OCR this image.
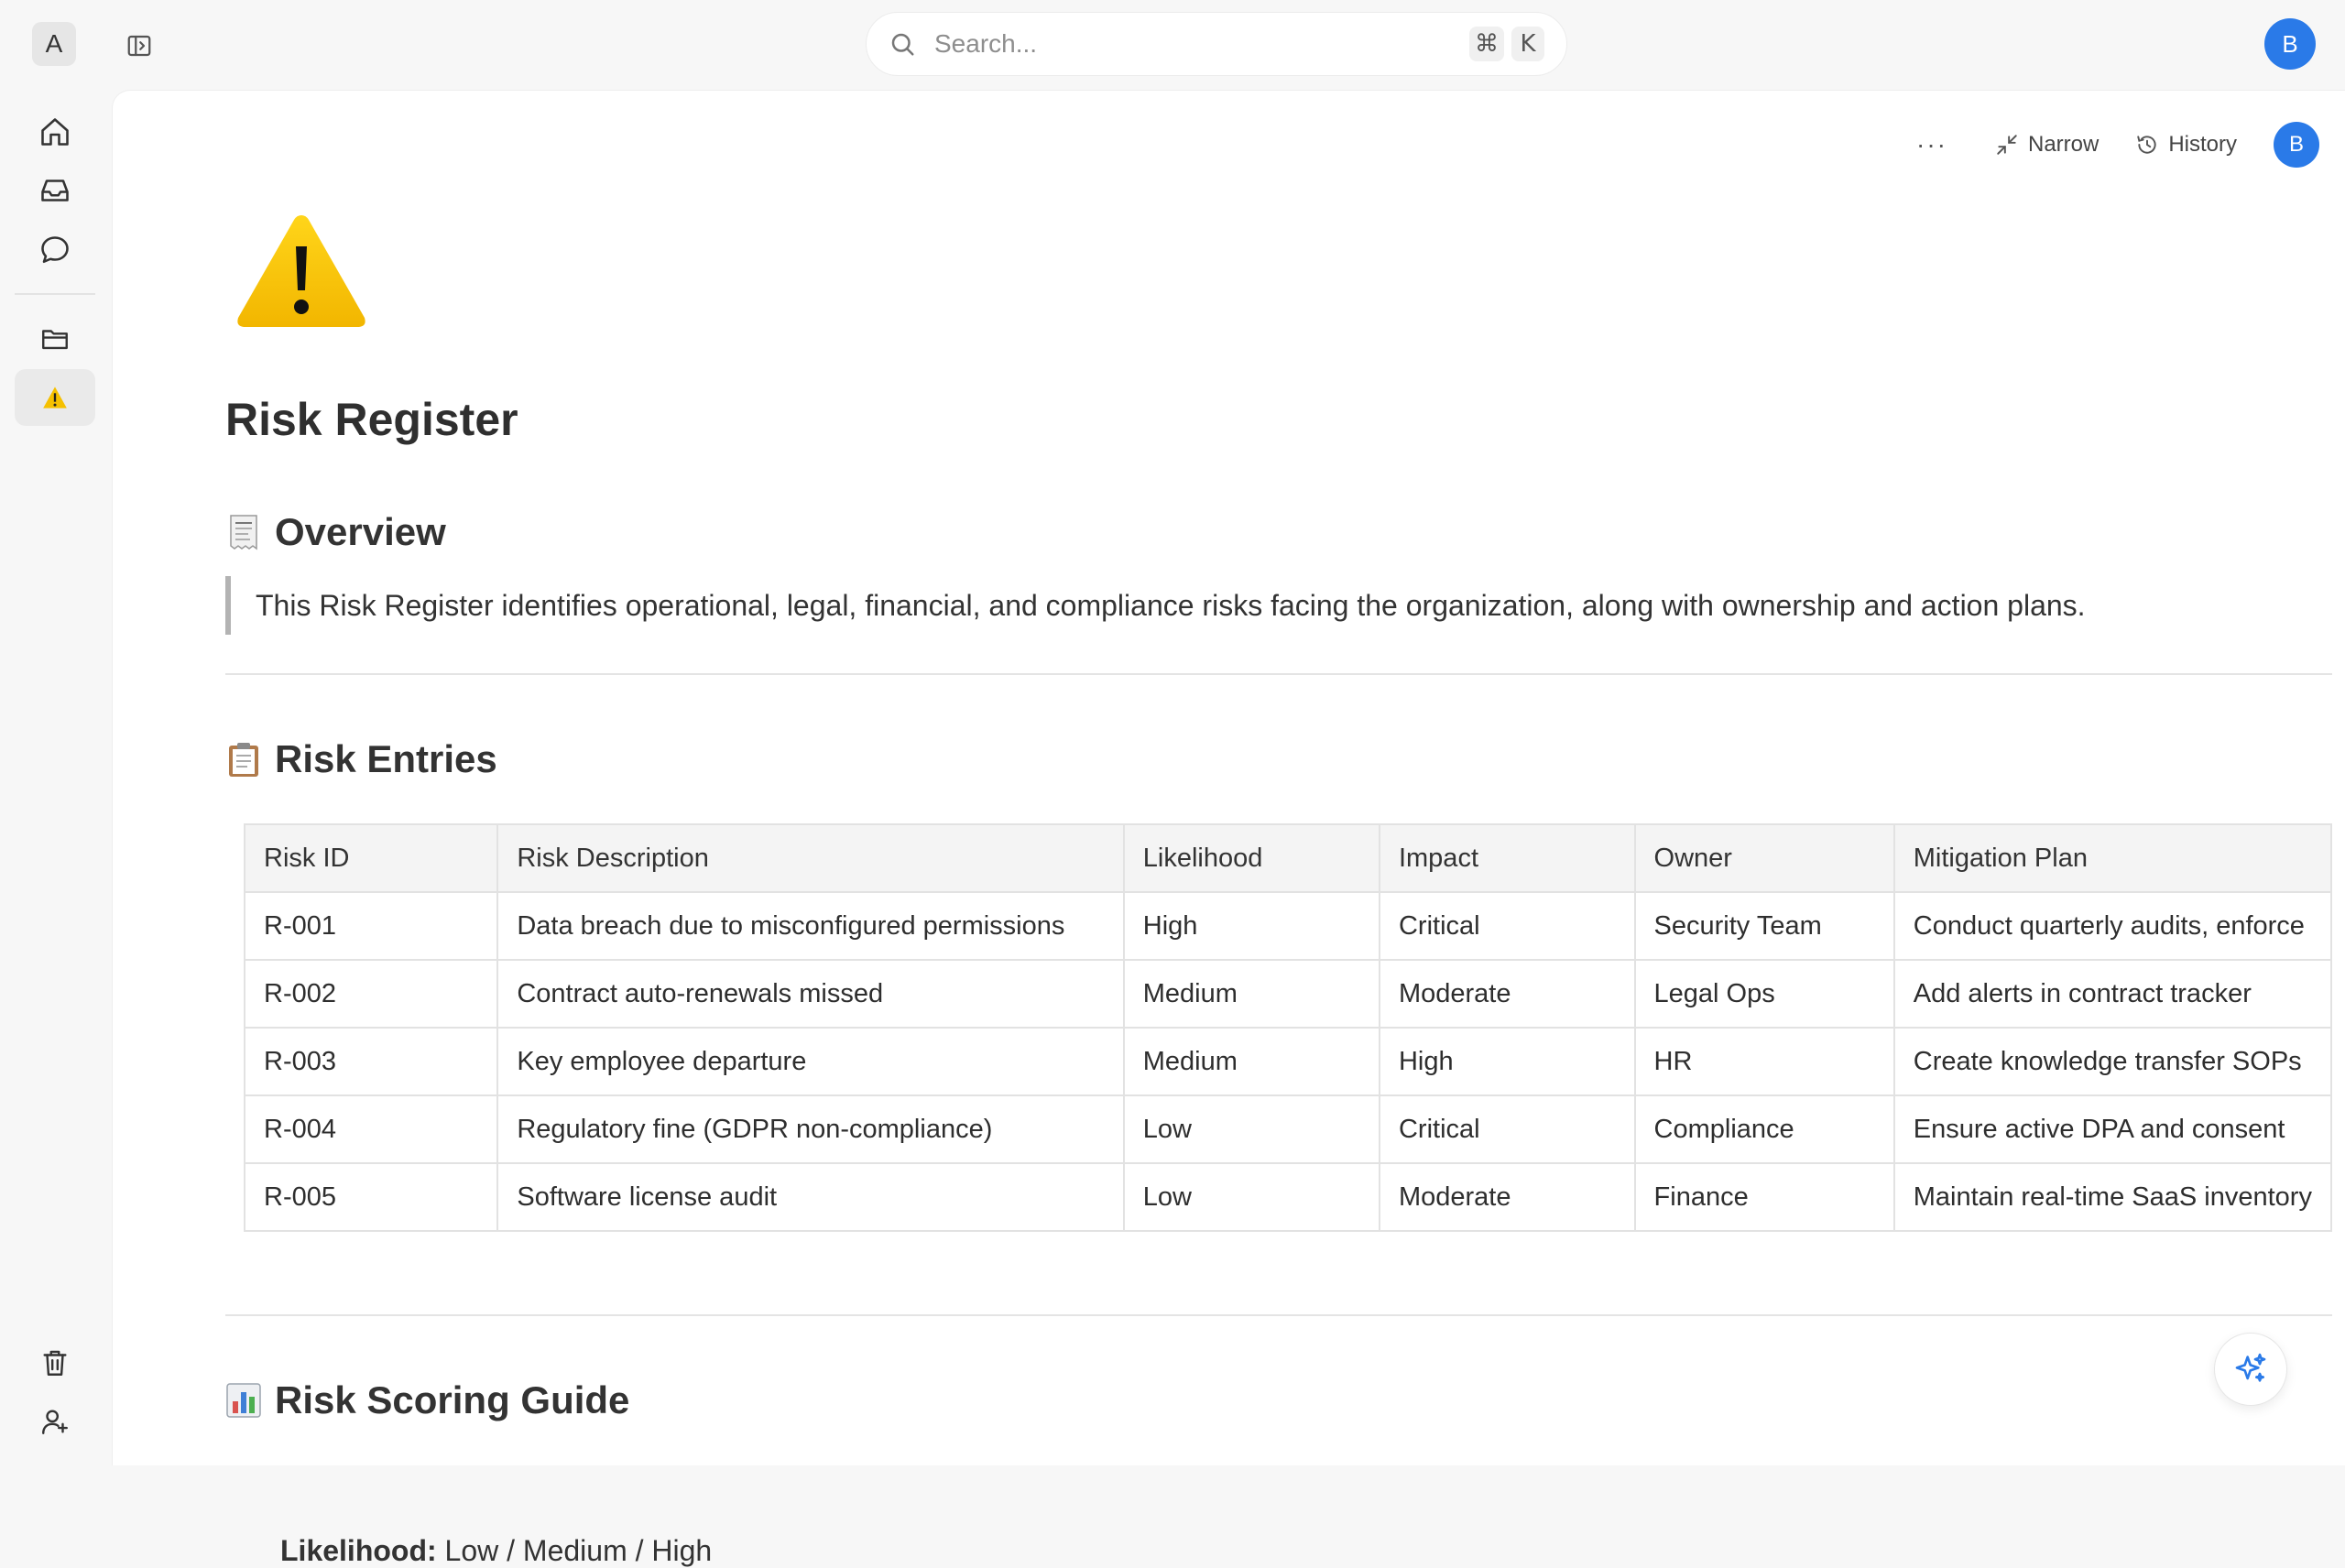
A
Search...	⌘ K	B
···	Narrow	History	B
Risk Register
Overview
This Risk Register identifies operational, legal, financial, and compliance risks facing the organization, along with ownership and action plans.
Risk Entries
Risk ID	Risk Description	Likelihood	Impact	Owner	Mitigation Plan
R-001	Data breach due to misconfigured permissions	High	Critical	Security Team	Conduct quarterly audits, enforce
R-002	Contract auto-renewals missed	Medium	Moderate	Legal Ops	Add alerts in contract tracker
R-003	Key employee departure	Medium	High	HR	Create knowledge transfer SOPs
R-004	Regulatory fine (GDPR non-compliance)	Low	Critical	Compliance	Ensure active DPA and consent
R-005	Software license audit	Low	Moderate	Finance	Maintain real-time SaaS inventory
Risk Scoring Guide
Likelihood: Low / Medium / High
